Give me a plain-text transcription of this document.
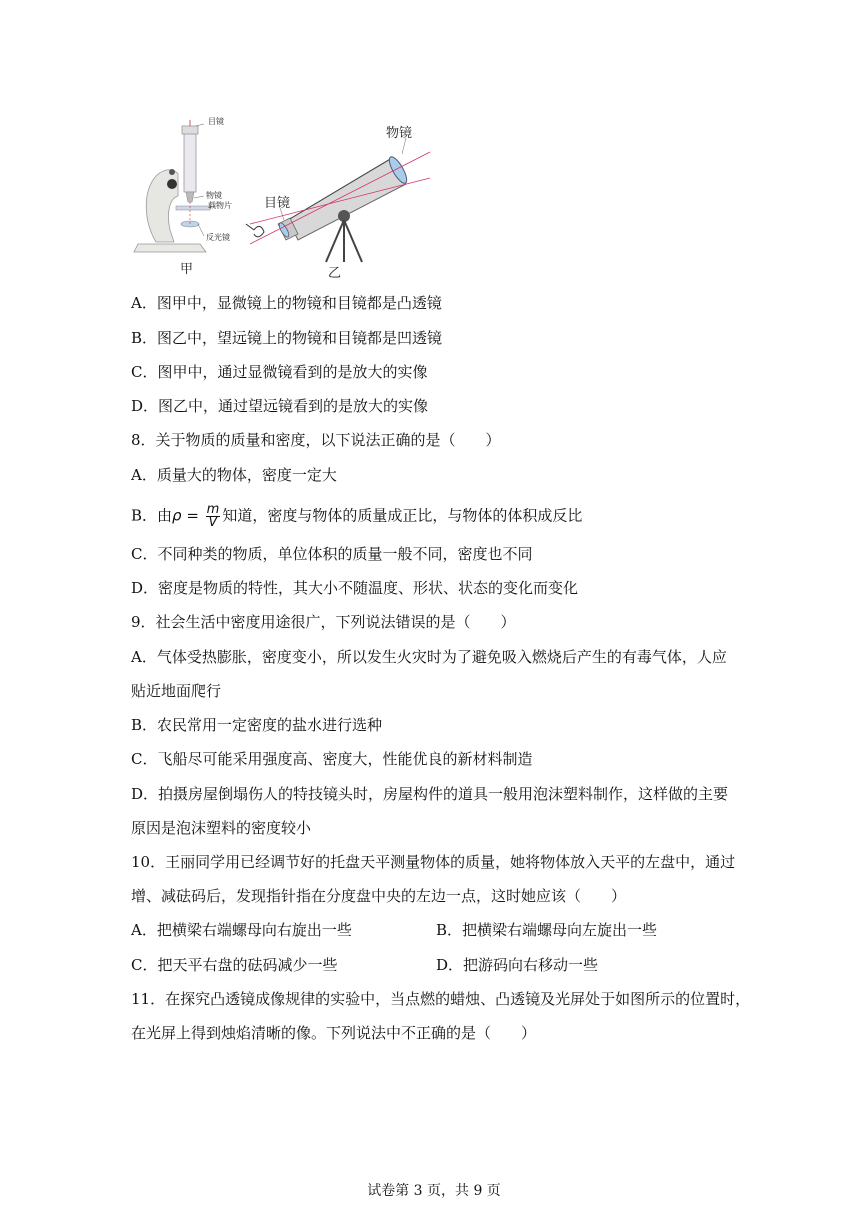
目镜
物镜
载物片
反光镜
甲
物镜
目镜
乙
A．图甲中，显微镜上的物镜和目镜都是凸透镜
B．图乙中，望远镜上的物镜和目镜都是凹透镜
C．图甲中，通过显微镜看到的是放大的实像
D．图乙中，通过望远镜看到的是放大的实像
8．关于物质的质量和密度，以下说法正确的是（　　）
A．质量大的物体，密度一定大
B．由$\rho = \frac{m}{V}$ 知道，密度与物体的质量成正比，与物体的体积成反比
C．不同种类的物质，单位体积的质量一般不同，密度也不同
D．密度是物质的特性，其大小不随温度、形状、状态的变化而变化
9．社会生活中密度用途很广，下列说法错误的是（　　）
A．气体受热膨胀，密度变小，所以发生火灾时为了避免吸入燃烧后产生的有毒气体，人应
贴近地面爬行
B．农民常用一定密度的盐水进行选种
C．飞船尽可能采用强度高、密度大，性能优良的新材料制造
D．拍摄房屋倒塌伤人的特技镜头时，房屋构件的道具一般用泡沫塑料制作，这样做的主要
原因是泡沫塑料的密度较小
10．王丽同学用已经调节好的托盘天平测量物体的质量，她将物体放入天平的左盘中，通过
增、减砝码后，发现指针指在分度盘中央的左边一点，这时她应该（　　）
A．把横梁右端螺母向右旋出一些	B．把横梁右端螺母向左旋出一些
C．把天平右盘的砝码减少一些	D．把游码向右移动一些
11．在探究凸透镜成像规律的实验中，当点燃的蜡烛、凸透镜及光屏处于如图所示的位置时，
在光屏上得到烛焰清晰的像。下列说法中不正确的是（　　）
试卷第 3 页，共 9 页
